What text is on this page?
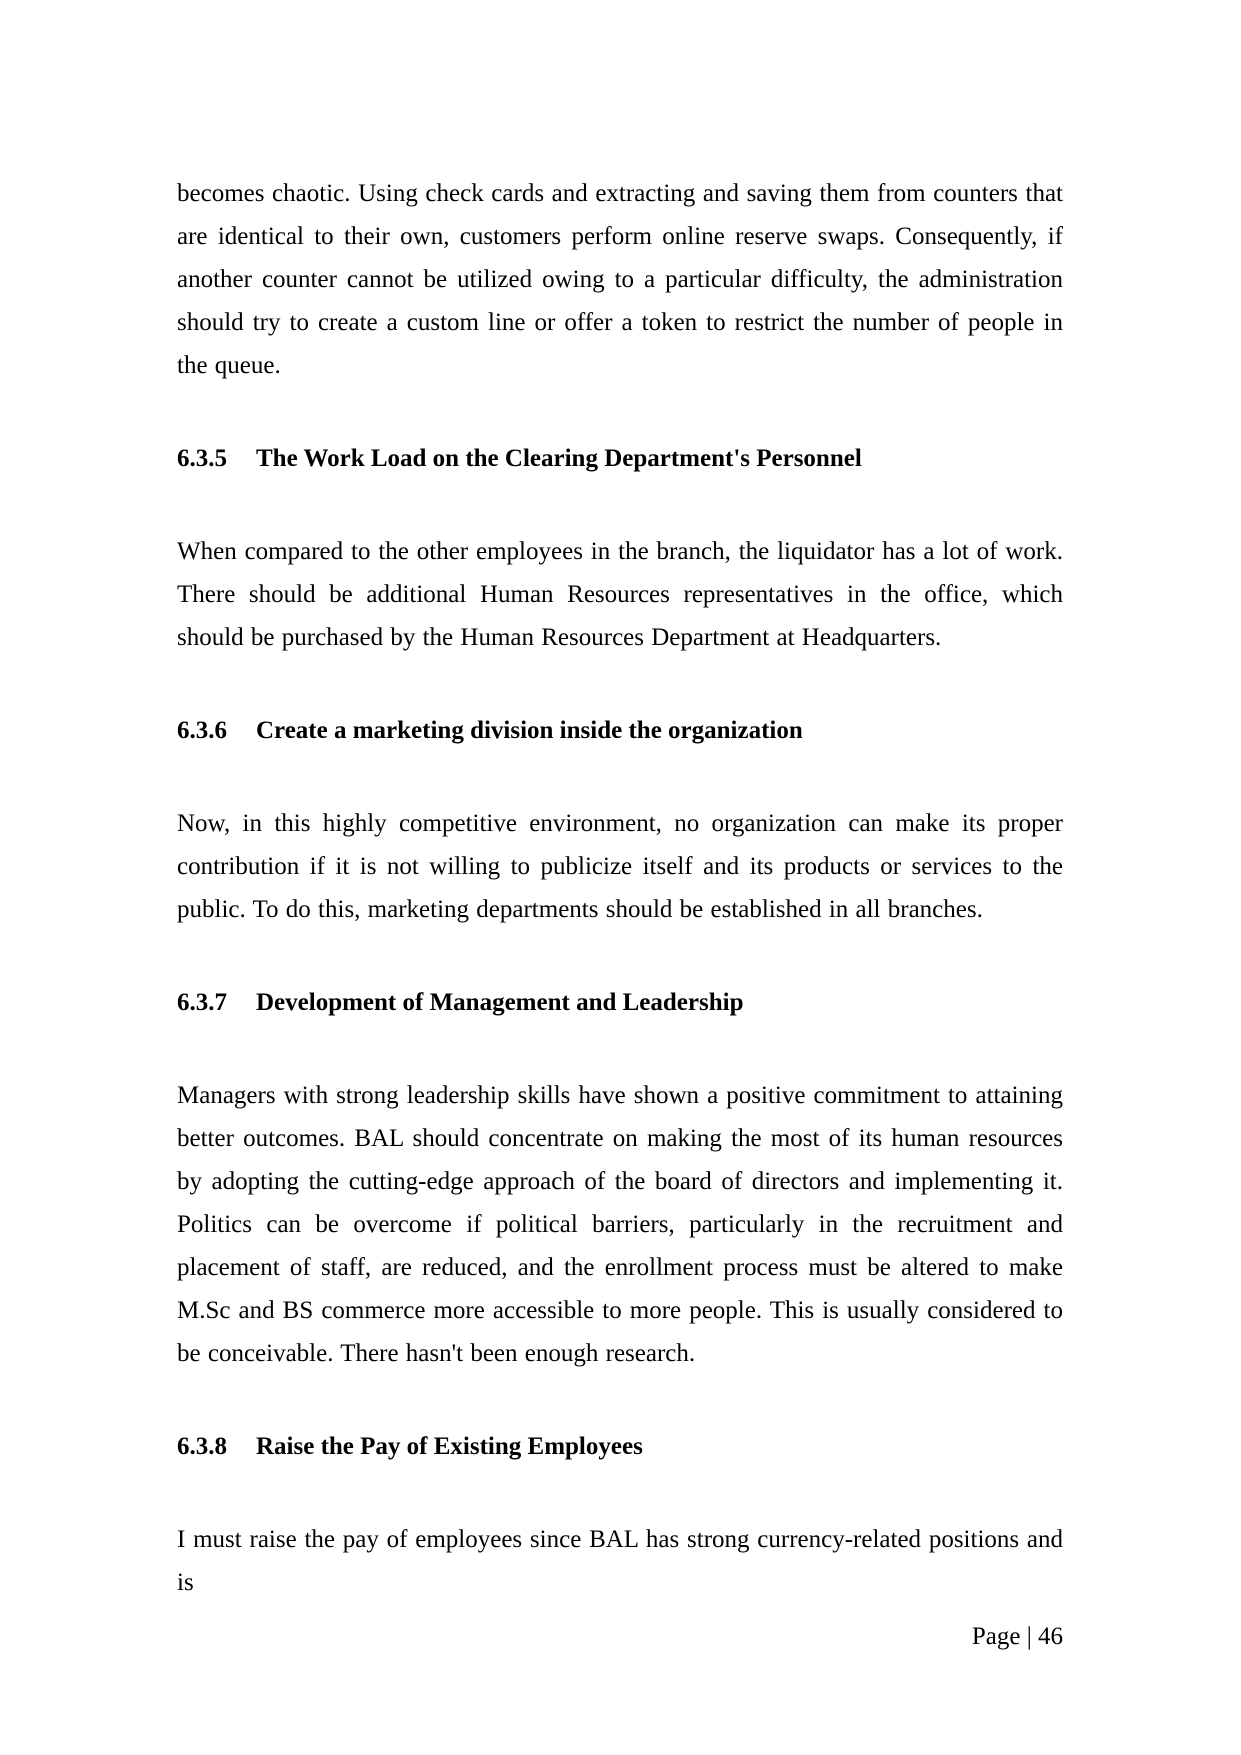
becomes chaotic. Using check cards and extracting and saving them from counters that are identical to their own, customers perform online reserve swaps. Consequently, if another counter cannot be utilized owing to a particular difficulty, the administration should try to create a custom line or offer a token to restrict the number of people in the queue.

6.3.5 The Work Load on the Clearing Department's Personnel

When compared to the other employees in the branch, the liquidator has a lot of work. There should be additional Human Resources representatives in the office, which should be purchased by the Human Resources Department at Headquarters.

6.3.6 Create a marketing division inside the organization

Now, in this highly competitive environment, no organization can make its proper contribution if it is not willing to publicize itself and its products or services to the public. To do this, marketing departments should be established in all branches.

6.3.7 Development of Management and Leadership

Managers with strong leadership skills have shown a positive commitment to attaining better outcomes. BAL should concentrate on making the most of its human resources by adopting the cutting-edge approach of the board of directors and implementing it. Politics can be overcome if political barriers, particularly in the recruitment and placement of staff, are reduced, and the enrollment process must be altered to make M.Sc and BS commerce more accessible to more people. This is usually considered to be conceivable. There hasn't been enough research.

6.3.8 Raise the Pay of Existing Employees

I must raise the pay of employees since BAL has strong currency-related positions and is

Page | 46
